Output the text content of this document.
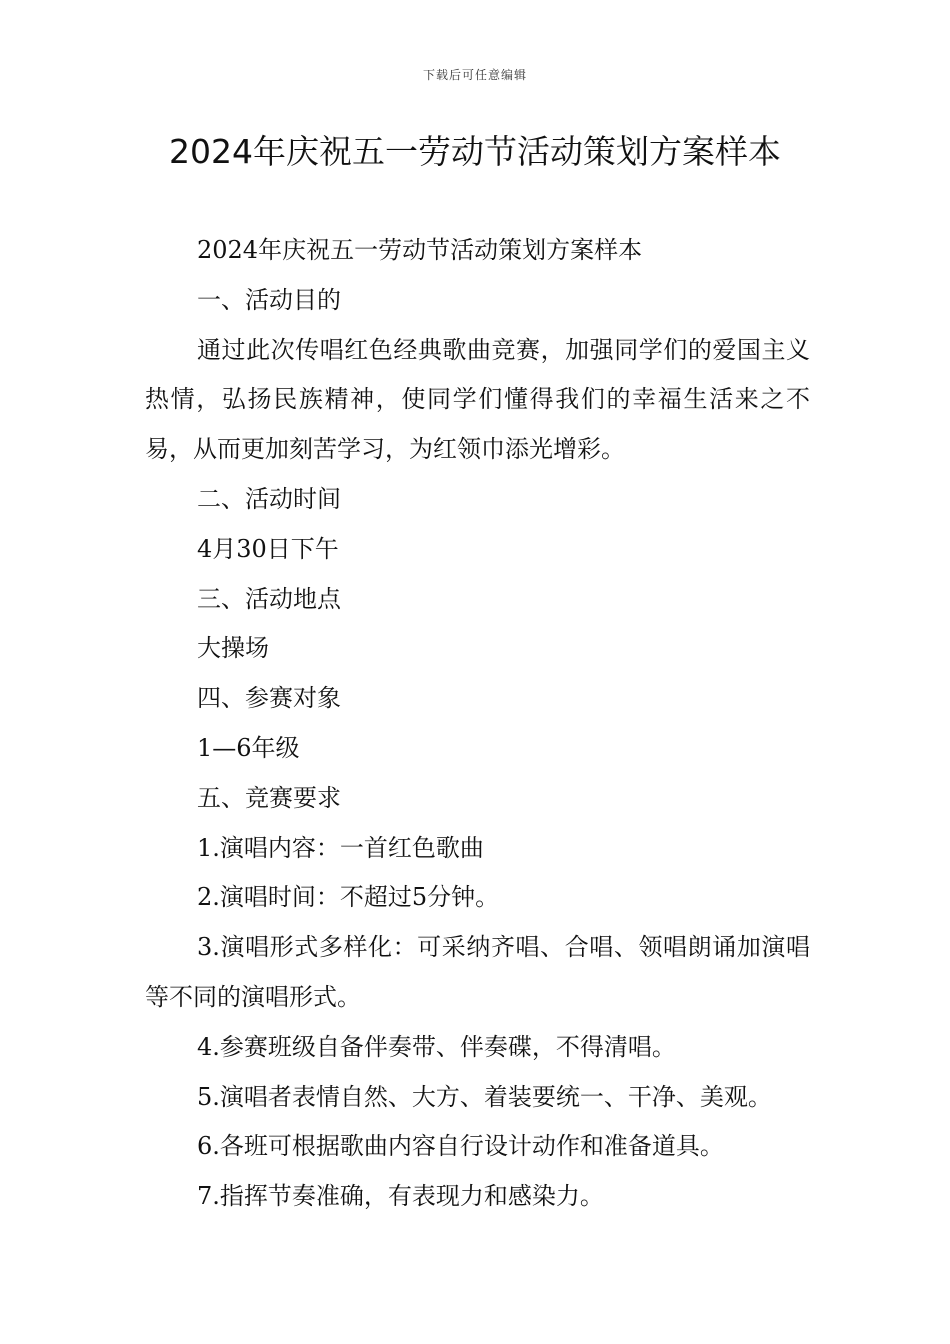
下载后可任意编辑
2024年庆祝五一劳动节活动策划方案样本

2024年庆祝五一劳动节活动策划方案样本

一、活动目的

通过此次传唱红色经典歌曲竞赛，加强同学们的爱国主义热情，弘扬民族精神，使同学们懂得我们的幸福生活来之不易，从而更加刻苦学习，为红领巾添光增彩。

二、活动时间

4月30日下午

三、活动地点

大操场

四、参赛对象

1—6年级

五、竞赛要求

1.演唱内容：一首红色歌曲

2.演唱时间：不超过5分钟。

3.演唱形式多样化：可采纳齐唱、合唱、领唱朗诵加演唱等不同的演唱形式。

4.参赛班级自备伴奏带、伴奏碟，不得清唱。

5.演唱者表情自然、大方、着装要统一、干净、美观。

6.各班可根据歌曲内容自行设计动作和准备道具。

7.指挥节奏准确，有表现力和感染力。
